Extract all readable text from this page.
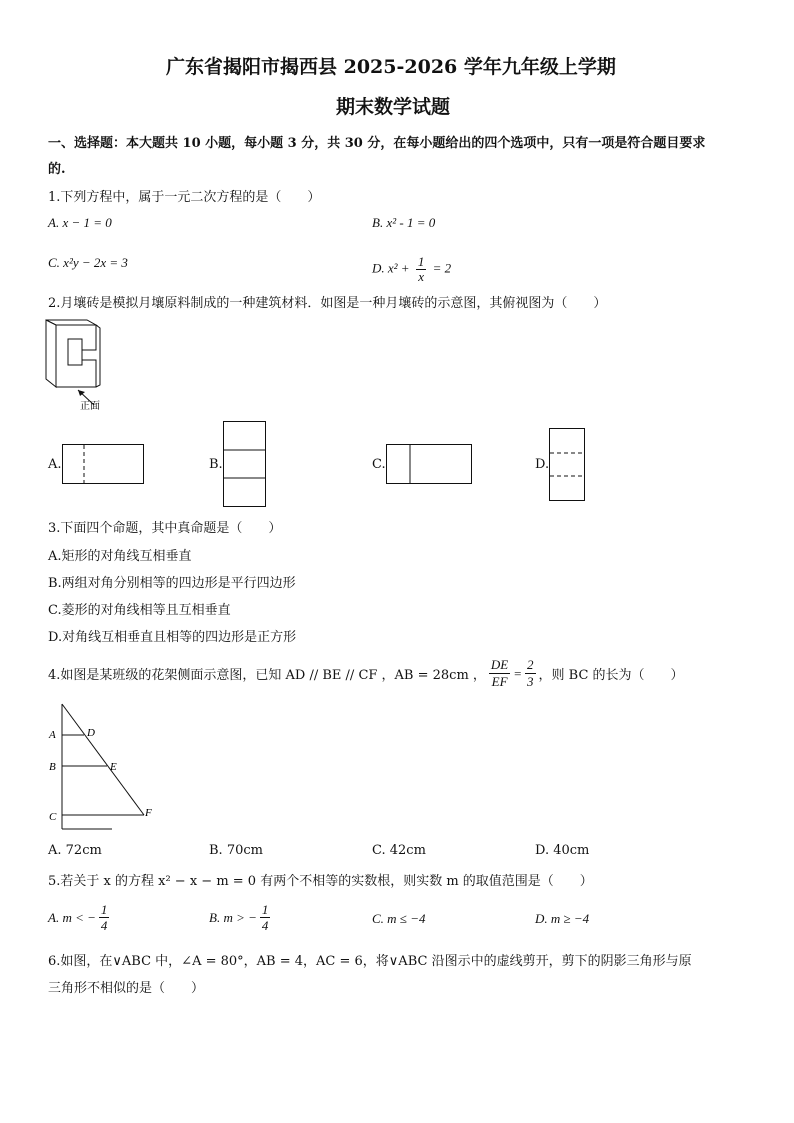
广东省揭阳市揭西县 2025-2026 学年九年级上学期
期末数学试题
一、选择题：本大题共 10 小题，每小题 3 分，共 30 分，在每小题给出的四个选项中，只有一项是符合题目要求
的.
1.下列方程中，属于一元二次方程的是（　　）
A. x − 1 = 0	B. x² - 1 = 0
C. x²y − 2x = 3	D. $x^2 + \frac{1}{x} = 2$
2.月壤砖是模拟月壤原料制成的一种建筑材料．如图是一种月壤砖的示意图，其俯视图为（　　）
正面
A.	B.	C.	D.
3.下面四个命题，其中真命题是（　　）
A.矩形的对角线互相垂直
B.两组对角分别相等的四边形是平行四边形
C.菱形的对角线相等且互相垂直
D.对角线互相垂直且相等的四边形是正方形
4.如图是某班级的花架侧面示意图，已知 AD // BE // CF ，AB = 28cm ， $\frac{DE}{EF} = \frac{2}{3}$ ，则 BC 的长为（　　）
A	D
B	E
C	F
A. 72cm	B. 70cm	C. 42cm	D. 40cm
5.若关于 x 的方程 x² − x − m = 0 有两个不相等的实数根，则实数 m 的取值范围是（　　）
A. m < − $\frac{1}{4}$	B. m > − $\frac{1}{4}$	C. m ≤ −4	D. m ≥ −4
6.如图，在∨ABC 中，∠A = 80°，AB = 4，AC = 6，将∨ABC 沿图示中的虚线剪开，剪下的阴影三角形与原
三角形不相似的是（　　）
